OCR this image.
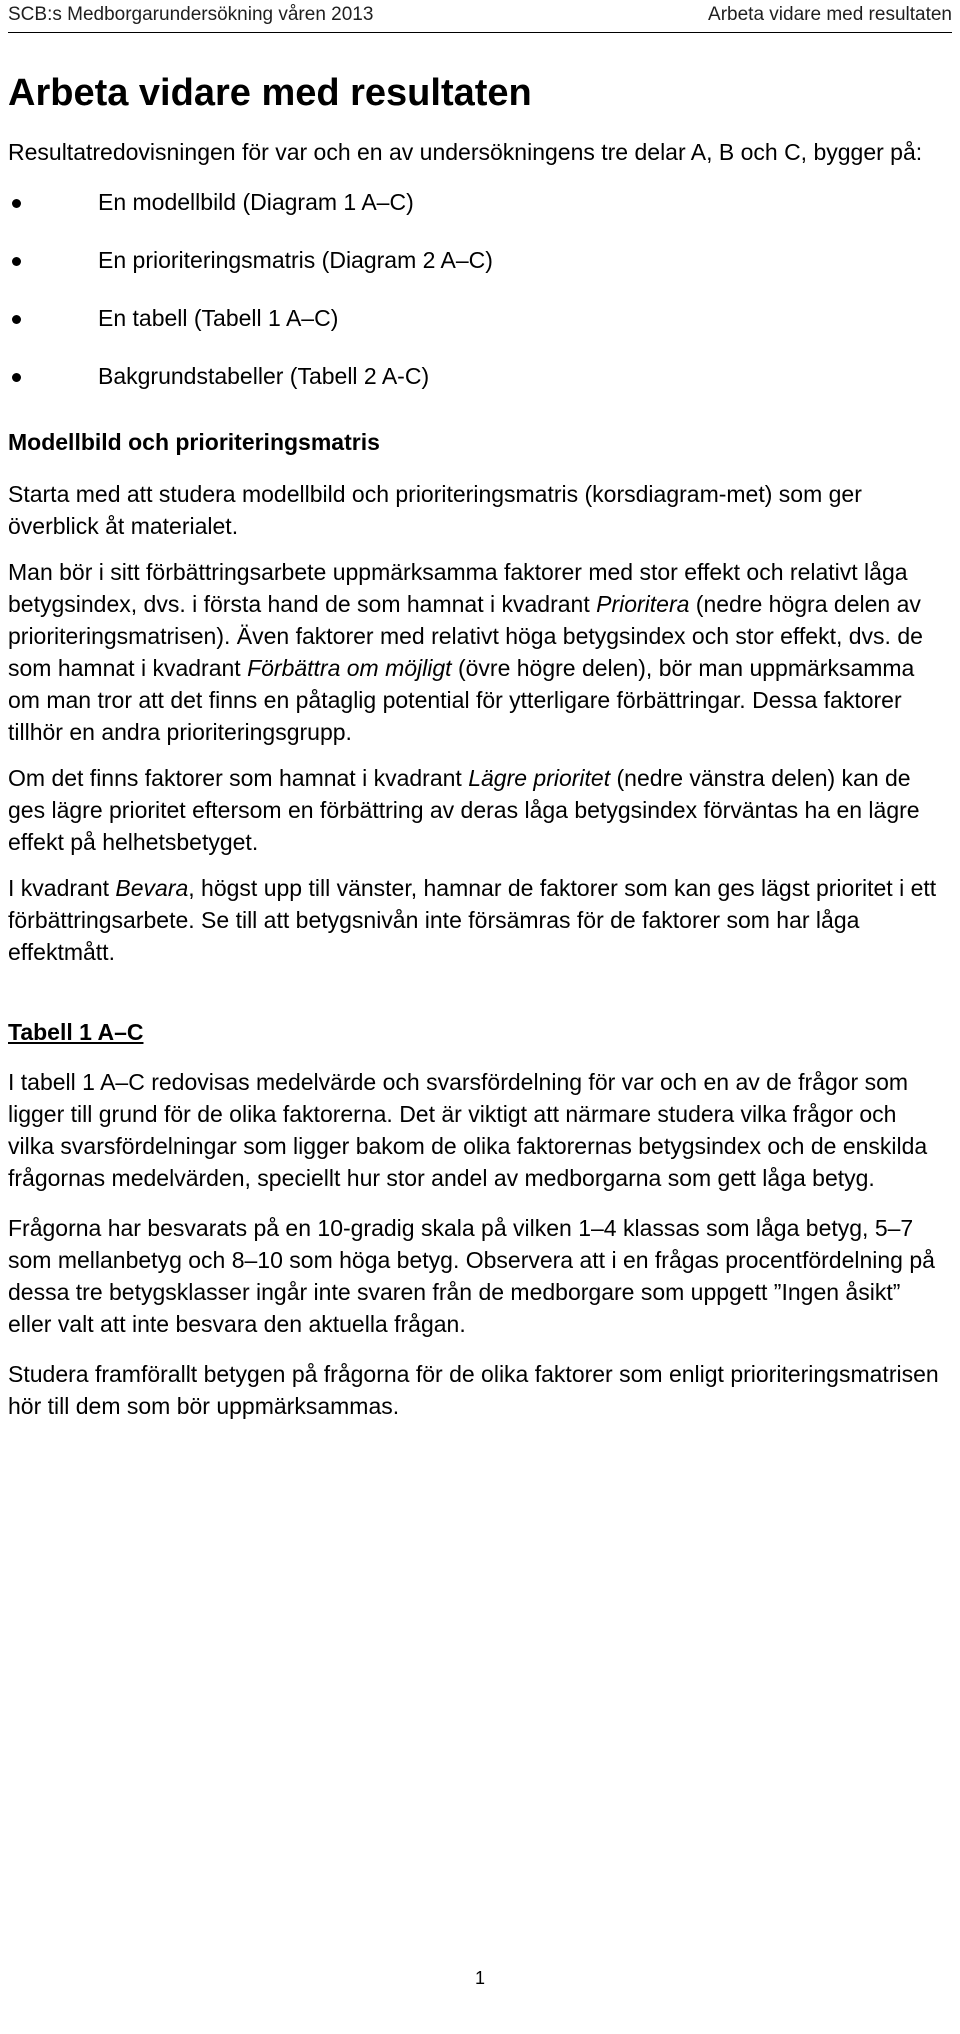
SCB:s Medborgarundersökning våren 2013	Arbeta vidare med resultaten
Arbeta vidare med resultaten

Resultatredovisningen för var och en av undersökningens tre delar A, B och C, bygger på:

En modellbild (Diagram 1 A–C)
En prioriteringsmatris (Diagram 2 A–C)
En tabell (Tabell 1 A–C)
Bakgrundstabeller (Tabell 2 A-C)
Modellbild och prioriteringsmatris

Starta med att studera modellbild och prioriteringsmatris (korsdiagram-met) som ger överblick åt materialet.

Man bör i sitt förbättringsarbete uppmärksamma faktorer med stor effekt och relativt låga betygsindex, dvs. i första hand de som hamnat i kvadrant Prioritera (nedre högra delen av prioriteringsmatrisen). Även faktorer med relativt höga betygsindex och stor effekt, dvs. de som hamnat i kvadrant Förbättra om möjligt (övre högre delen), bör man uppmärksamma om man tror att det finns en påtaglig potential för ytterligare förbättringar. Dessa faktorer tillhör en andra prioriteringsgrupp.

Om det finns faktorer som hamnat i kvadrant Lägre prioritet (nedre vänstra delen) kan de ges lägre prioritet eftersom en förbättring av deras låga betygsindex förväntas ha en lägre effekt på helhetsbetyget.

I kvadrant Bevara, högst upp till vänster, hamnar de faktorer som kan ges lägst prioritet i ett förbättringsarbete. Se till att betygsnivån inte försämras för de faktorer som har låga effektmått.

Tabell 1 A–C

I tabell 1 A–C redovisas medelvärde och svarsfördelning för var och en av de frågor som ligger till grund för de olika faktorerna. Det är viktigt att närmare studera vilka frågor och vilka svarsfördelningar som ligger bakom de olika faktorernas betygsindex och de enskilda frågornas medelvärden, speciellt hur stor andel av medborgarna som gett låga betyg.

Frågorna har besvarats på en 10-gradig skala på vilken 1–4 klassas som låga betyg, 5–7 som mellanbetyg och 8–10 som höga betyg. Observera att i en frågas procentfördelning på dessa tre betygsklasser ingår inte svaren från de medborgare som uppgett ”Ingen åsikt” eller valt att inte besvara den aktuella frågan.

Studera framförallt betygen på frågorna för de olika faktorer som enligt prioriteringsmatrisen hör till dem som bör uppmärksammas.

1
